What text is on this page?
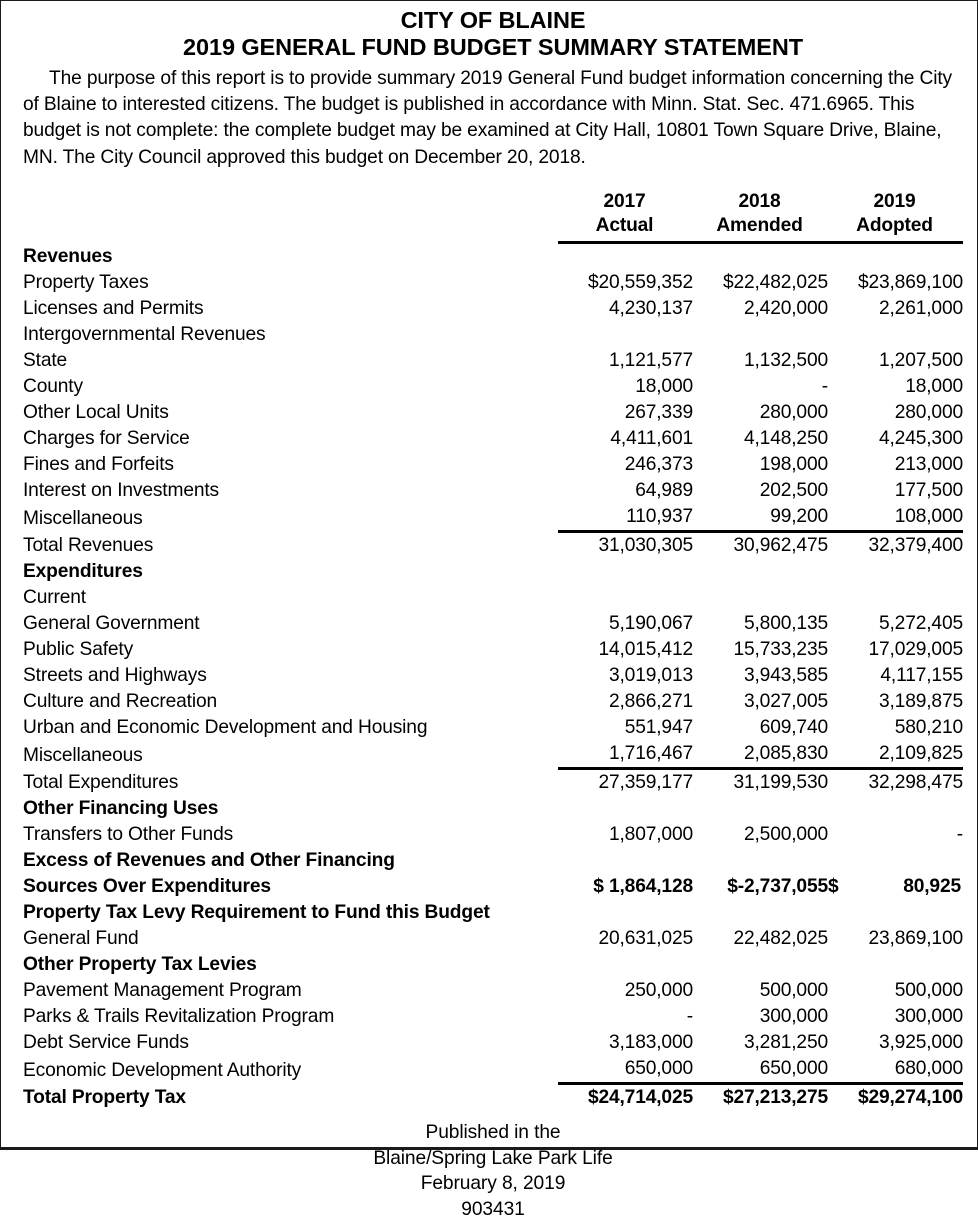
CITY OF BLAINE
2019 GENERAL FUND BUDGET SUMMARY STATEMENT

The purpose of this report is to provide summary 2019 General Fund budget information concerning the City of Blaine to interested citizens. The budget is published in accordance with Minn. Stat. Sec. 471.6965. This budget is not complete: the complete budget may be examined at City Hall, 10801 Town Square Drive, Blaine, MN. The City Council approved this budget on December 20, 2018.

	2017	2018	2019
	Actual	Amended	Adopted
Revenues			
Property Taxes	$20,559,352	$22,482,025	$23,869,100
Licenses and Permits	4,230,137	2,420,000	2,261,000
Intergovernmental Revenues			
State	1,121,577	1,132,500	1,207,500
County	18,000	-	18,000
Other Local Units	267,339	280,000	280,000
Charges for Service	4,411,601	4,148,250	4,245,300
Fines and Forfeits	246,373	198,000	213,000
Interest on Investments	64,989	202,500	177,500
Miscellaneous	110,937	99,200	108,000
Total Revenues	31,030,305	30,962,475	32,379,400
Expenditures			
Current			
General Government	5,190,067	5,800,135	5,272,405
Public Safety	14,015,412	15,733,235	17,029,005
Streets and Highways	3,019,013	3,943,585	4,117,155
Culture and Recreation	2,866,271	3,027,005	3,189,875
Urban and Economic Development and Housing	551,947	609,740	580,210
Miscellaneous	1,716,467	2,085,830	2,109,825
Total Expenditures	27,359,177	31,199,530	32,298,475
Other Financing Uses			
Transfers to Other Funds	1,807,000	2,500,000	-
Excess of Revenues and Other Financing			
Sources Over Expenditures	$ 1,864,128	$-2,737,055	$ 80,925

Property Tax Levy Requirement to Fund this Budget			
General Fund	20,631,025	22,482,025	23,869,100
Other Property Tax Levies			
Pavement Management Program	250,000	500,000	500,000
Parks & Trails Revitalization Program	-	300,000	300,000
Debt Service Funds	3,183,000	3,281,250	3,925,000
Economic Development Authority	650,000	650,000	680,000
Total Property Tax	$24,714,025	$27,213,275	$29,274,100
Published in the
Blaine/Spring Lake Park Life
February 8, 2019
903431
